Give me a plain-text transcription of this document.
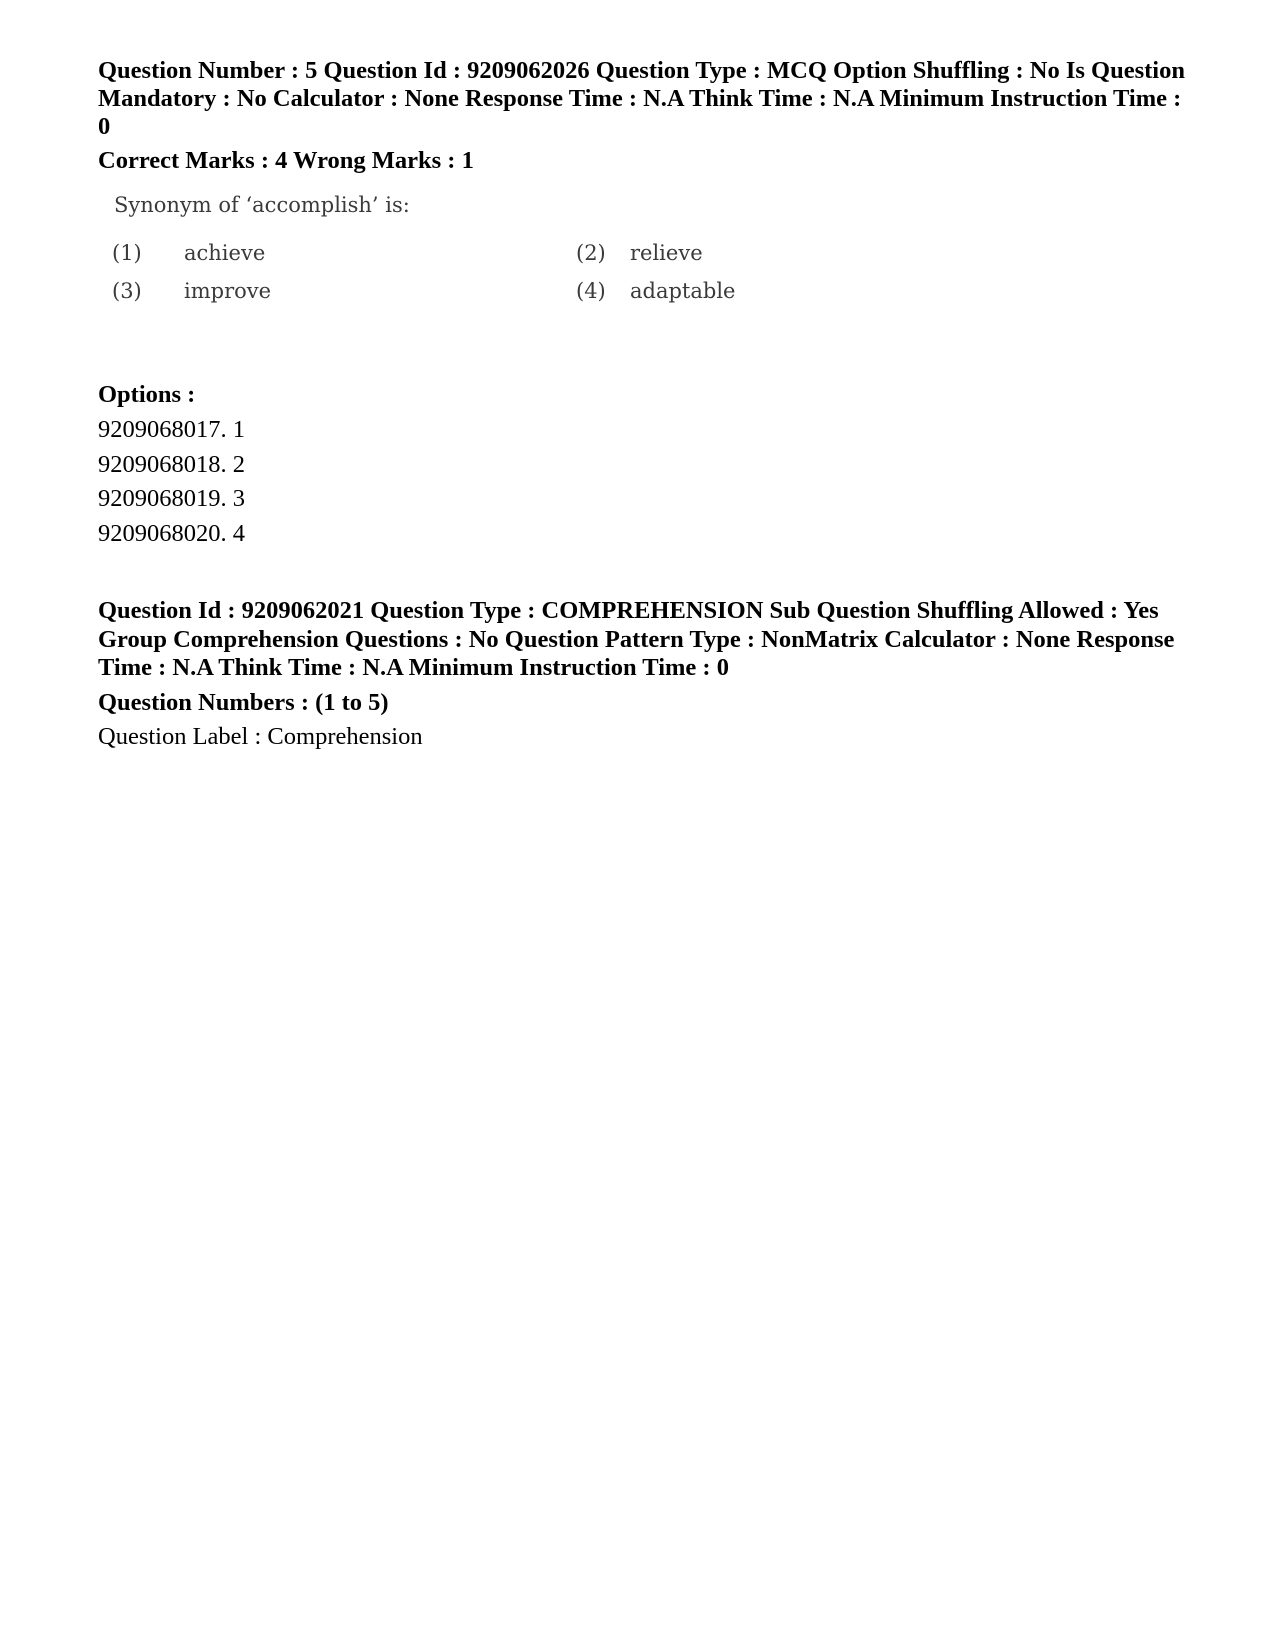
Question Number : 5 Question Id : 9209062026 Question Type : MCQ Option Shuffling : No Is Question Mandatory : No Calculator : None Response Time : N.A Think Time : N.A Minimum Instruction Time : 0

Correct Marks : 4 Wrong Marks : 1

Synonym of ‘accomplish’ is:
(1) achieve	(2) relieve
(3) improve	(4) adaptable

Options :

9209068017. 1

9209068018. 2

9209068019. 3

9209068020. 4

Question Id : 9209062021 Question Type : COMPREHENSION Sub Question Shuffling Allowed : Yes Group Comprehension Questions : No Question Pattern Type : NonMatrix Calculator : None Response Time : N.A Think Time : N.A Minimum Instruction Time : 0

Question Numbers : (1 to 5)

Question Label : Comprehension
